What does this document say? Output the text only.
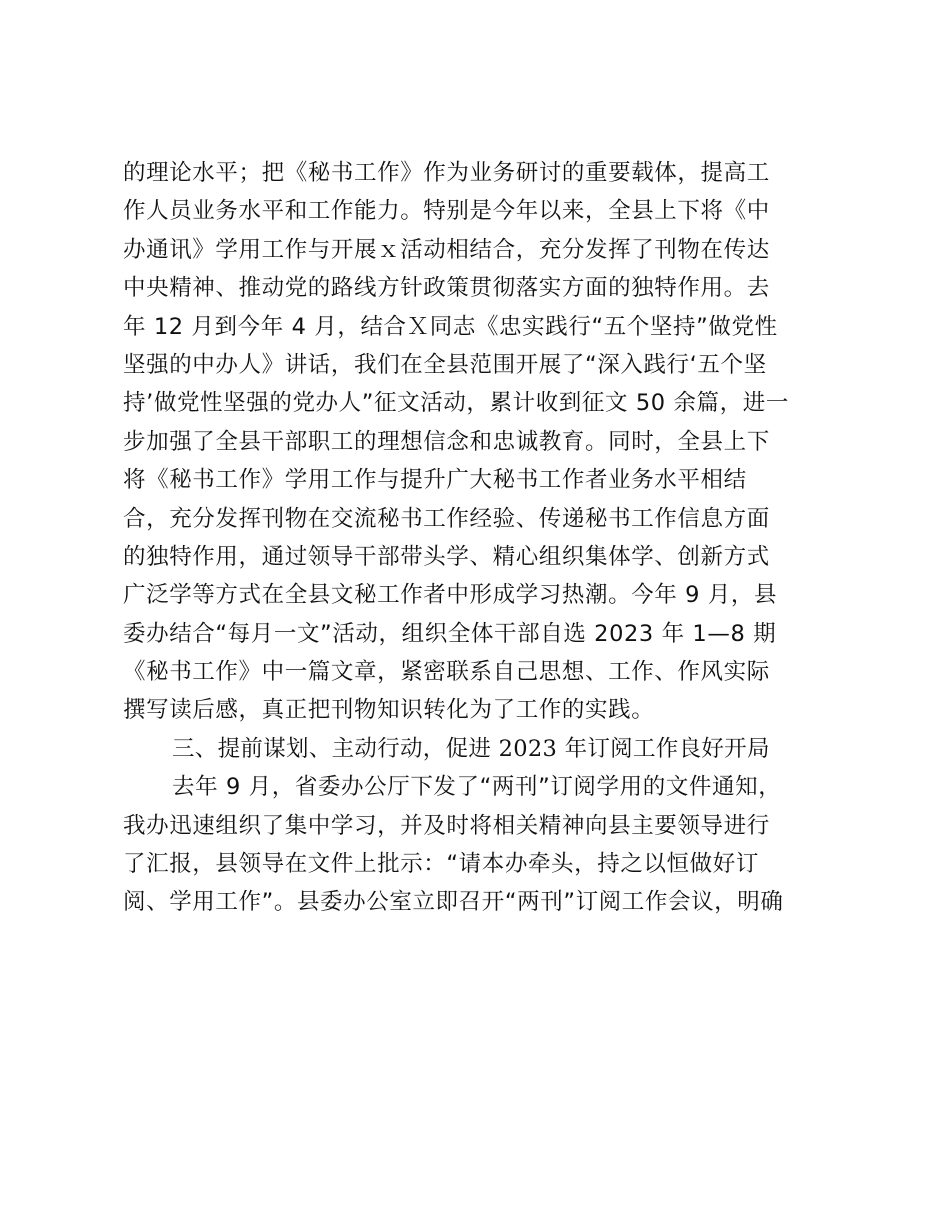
的理论水平；把《秘书工作》作为业务研讨的重要载体，提高工
作人员业务水平和工作能力。特别是今年以来，全县上下将《中
办通讯》学用工作与开展ｘ活动相结合，充分发挥了刊物在传达
中央精神、推动党的路线方针政策贯彻落实方面的独特作用。去
年 12 月到今年 4 月，结合Ｘ同志《忠实践行“五个坚持”做党性
坚强的中办人》讲话，我们在全县范围开展了“深入践行‘五个坚
持’做党性坚强的党办人”征文活动，累计收到征文 50 余篇，进一
步加强了全县干部职工的理想信念和忠诚教育。同时，全县上下
将《秘书工作》学用工作与提升广大秘书工作者业务水平相结
合，充分发挥刊物在交流秘书工作经验、传递秘书工作信息方面
的独特作用，通过领导干部带头学、精心组织集体学、创新方式
广泛学等方式在全县文秘工作者中形成学习热潮。今年 9 月，县
委办结合“每月一文”活动，组织全体干部自选 2023 年 1—8 期
《秘书工作》中一篇文章，紧密联系自己思想、工作、作风实际
撰写读后感，真正把刊物知识转化为了工作的实践。
三、提前谋划、主动行动，促进 2023 年订阅工作良好开局
去年 9 月，省委办公厅下发了“两刊”订阅学用的文件通知，
我办迅速组织了集中学习，并及时将相关精神向县主要领导进行
了汇报，县领导在文件上批示：“请本办牵头，持之以恒做好订
阅、学用工作”。县委办公室立即召开“两刊”订阅工作会议，明确
